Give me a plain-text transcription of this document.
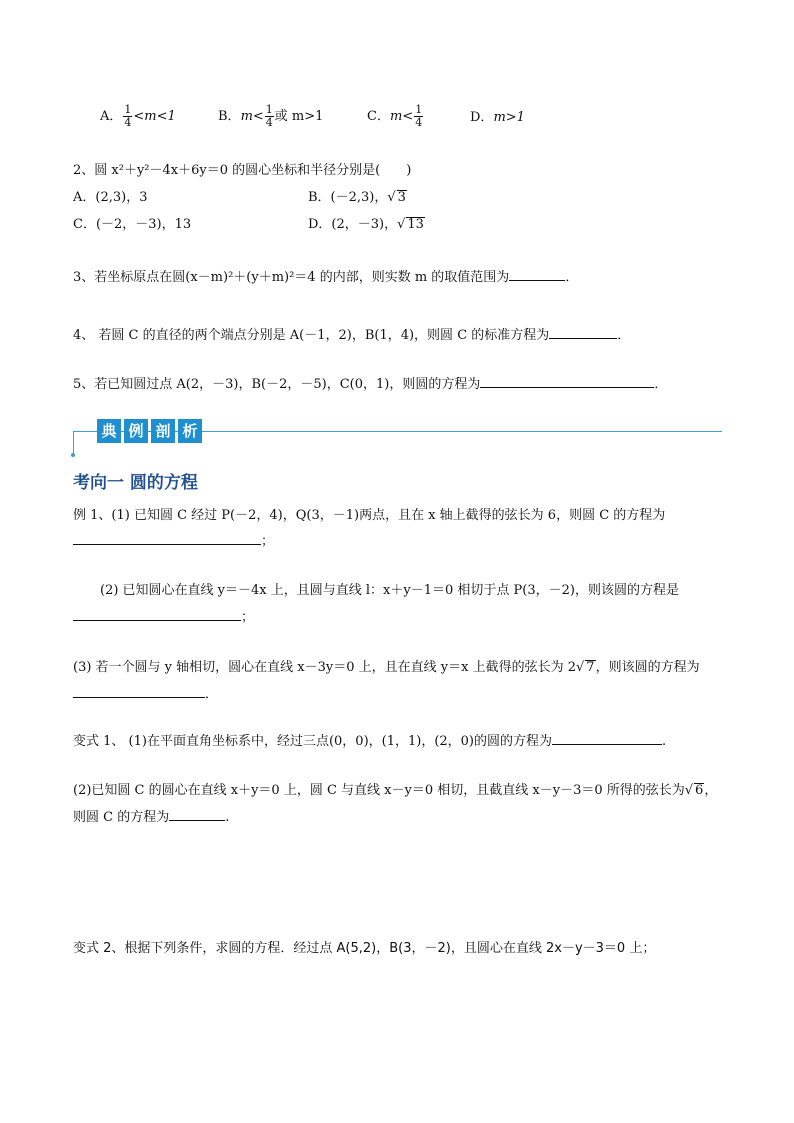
A． $\frac{1}{4} <m<1$	B．$m< \frac{1}{4}$ 或 m>1	C．$m< \frac{1}{4}$	D．m>1
2、圆 x²＋y²－4x＋6y＝0 的圆心坐标和半径分别是(　　)
A．(2,3)，3	B．(－2,3)，√ 3
C．(－2，－3)，13	D．(2，－3)，√ 13
3、若坐标原点在圆(x－m)²＋(y＋m)²＝4 的内部，则实数 m 的取值范围为	．
4、 若圆 C 的直径的两个端点分别是 A(－1，2)，B(1，4)，则圆 C 的标准方程为	．
5、若已知圆过点 A(2，－3)，B(－2，－5)，C(0，1)，则圆的方程为	．
典 例 剖 析
考向一 圆的方程
例 1、(1) 已知圆 C 经过 P(－2，4)，Q(3，－1)两点，且在 x 轴上截得的弦长为 6，则圆 C 的方程为
；
(2) 已知圆心在直线 y＝－4x 上，且圆与直线 l：x＋y－1＝0 相切于点 P(3，－2)，则该圆的方程是
；
(3) 若一个圆与 y 轴相切，圆心在直线 x－3y＝0 上，且在直线 y＝x 上截得的弦长为 2√ 7，则该圆的方程为
．
变式 1、 (1)在平面直角坐标系中，经过三点(0，0)，(1，1)，(2，0)的圆的方程为	.
(2)已知圆 C 的圆心在直线 x＋y＝0 上，圆 C 与直线 x－y＝0 相切，且截直线 x－y－3＝0 所得的弦长为√ 6，
则圆 C 的方程为	.
变式 2、根据下列条件，求圆的方程．经过点 A(5,2)，B(3，－2)，且圆心在直线 2x－y－3＝0 上；
